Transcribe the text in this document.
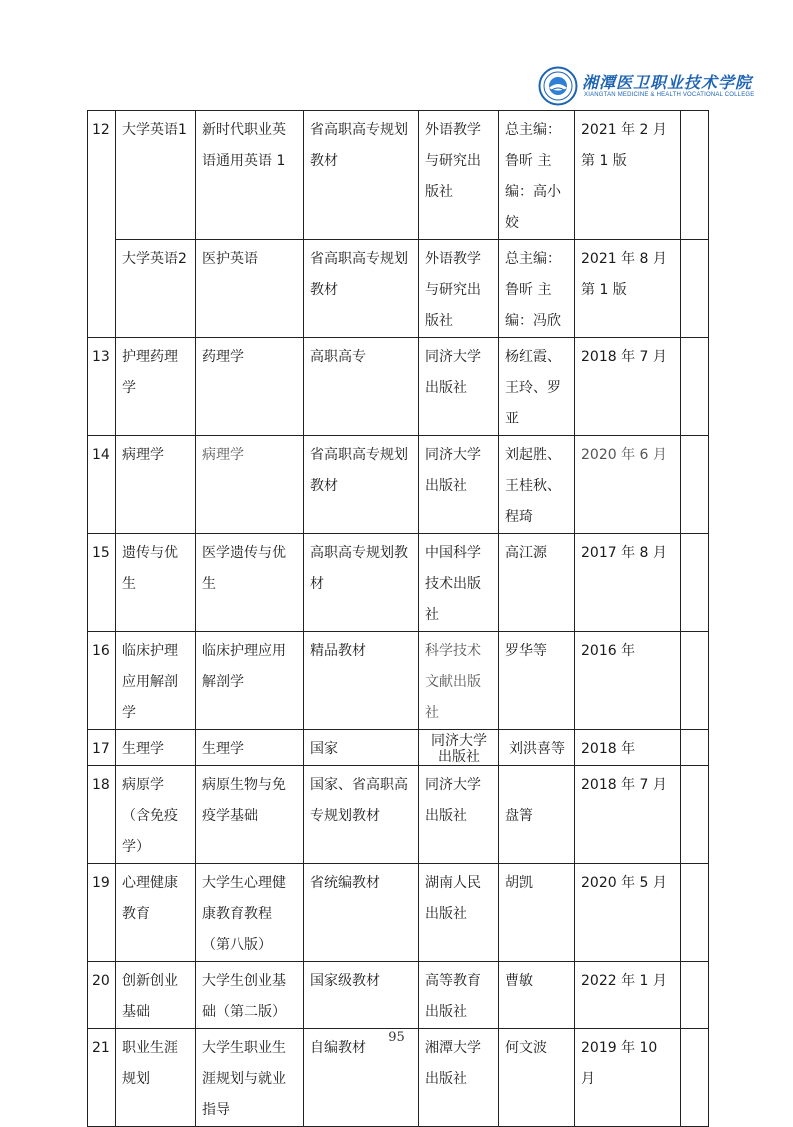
湘潭医卫职业技术学院
XIANGTAN MEDICINE & HEALTH VOCATIONAL COLLEGE
12	大学英语1	新时代职业英语通用英语 1	省高职高专规划教材	外语教学与研究出版社	总主编：鲁昕 主编：高小姣	2021 年 2 月第 1 版	
	大学英语2	医护英语	省高职高专规划教材	外语教学与研究出版社	总主编：鲁昕 主编：冯欣	2021 年 8 月第 1 版	
13	护理药理学	药理学	高职高专	同济大学出版社	杨红霞、王玲、罗亚	2018 年 7 月	
14	病理学	病理学	省高职高专规划教材	同济大学出版社	刘起胜、王桂秋、程琦	2020 年 6 月	
15	遗传与优生	医学遗传与优生	高职高专规划教材	中国科学技术出版社	高江源	2017 年 8 月	
16	临床护理应用解剖学	临床护理应用解剖学	精品教材	科学技术文献出版社	罗华等	2016 年	
17	生理学	生理学	国家	同济大学出版社	刘洪喜等	2018 年	
18	病原学（含免疫学）	病原生物与免疫学基础	国家、省高职高专规划教材	同济大学出版社	盘箐	2018 年 7 月	
19	心理健康教育	大学生心理健康教育教程（第八版）	省统编教材	湖南人民出版社	胡凯	2020 年 5 月	
20	创新创业基础	大学生创业基础（第二版）	国家级教材	高等教育出版社	曹敏	2022 年 1 月	
21	职业生涯规划	大学生职业生涯规划与就业指导	自编教材	湘潭大学出版社	何文波	2019 年 10 月	
95
